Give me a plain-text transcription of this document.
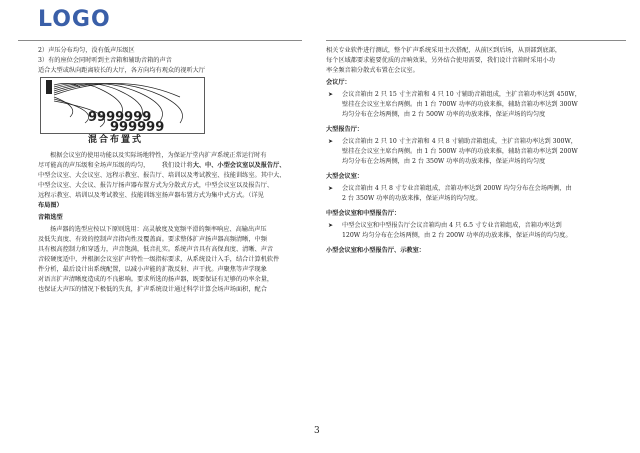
LOGO
2）声压分布均匀，没有低声压级区
3）有的座位会同时听到主音箱和辅助音箱的声音
适合大型或纵向距离较长的大厅，各方向均有观众的视听大厅
9999999
999999
混合布置式
根据会议室的使用功能以及实际场地特性，为保证厅堂内扩声系统正常运行时有
尽可能高的声压级和全场声压级的均匀，   我们设计将大、中、小型会议室以及报告厅、
中型会议室、大会议室、远程示教室、报告厅、培训以及考试教室、技能训练室。其中大、
中型会议室、大会议、报告厅扬声器布置方式为分散式方式，中型会议室以及报告厅、
远程示教室、培训以及考试教室、技能训练室扬声器布置方式为集中式方式。（详见
布局图）
音箱选型
扬声器的选型应按以下原则选用：高灵敏度及宽频平滑的频率响应、高输出声压
及低失真度、有效的控制声音指向性及覆盖面。要求整体扩声扬声器高频清晰，中频
具有极高控制力和穿透力，声音饱满，低音扎实。系统声音具有高保真度、清晰、声音
音较硬度适中，并根据会议室扩声特性一级指标要求，从系统设计入手，结合计算机软件
件分析，最后设计出系统配置，以减小声能的扩散反射、声干扰。声聚焦等声学现象
对语言扩声清晰度造成的不良影响。要求所选的扬声器，既要保证有足够的功率余量，
也保证大声压的情况下极低的失真，扩声系统设计通过科学计算会场声场面积，配合
相关专业软件进行测试，整个扩声系统采用主次搭配，从前区到后场，从顶部到底部，
每个区域都要求能要优质的音响效果，另外结合使用需要，我们设计音箱时采用小功
率全频音箱分散式布置在会议室。
会议厅：
➤ 会议音箱由 2 只 15 寸主音箱和 4 只 10 寸辅助音箱组成，主扩音箱功率达到 450W，
壁挂在会议室主席台两侧。由 1 台 700W 功率的功放来推，辅助音箱功率达到 300W
均匀分布在会场两侧，由 2 台 500W 功率的功放来推，保证声场的均匀度
大型报告厅：
➤ 会议音箱由 2 只 10 寸主音箱和 4 只 8 寸辅助音箱组成，主扩音箱功率达到 300W，
壁挂在会议室主席台两侧。由 1 台 500W 功率的功放来推，辅助音箱功率达到 200W
均匀分布在会场两侧，由 2 台 350W 功率的功放来推，保证声场的均匀度
大型会议室：
➤ 会议音箱由 4 只 8 寸专业音箱组成，音箱功率达到 200W 均匀分布在会场两侧，由
2 台 350W 功率的功放来推，保证声场的均匀度。
中型会议室和中型报告厅：
➤ 中型会议室和中型报告厅会议音箱均由 4 只 6.5 寸专业音箱组成，音箱功率达到
120W 均匀分布在会场两侧，由 2 台 200W 功率的功放来推，保证声场的均匀度。
小型会议室和小型报告厅、示教室：
3
